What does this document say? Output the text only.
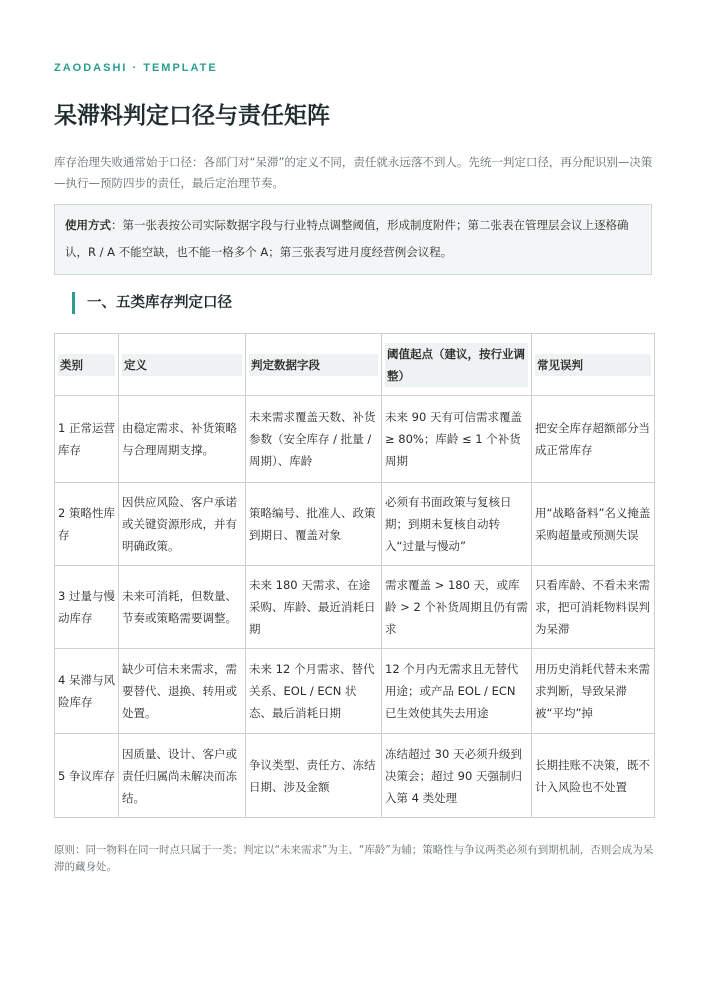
ZAODASHI · TEMPLATE
呆滞料判定口径与责任矩阵
库存治理失败通常始于口径：各部门对“呆滞”的定义不同，责任就永远落不到人。先统一判定口径，再分配识别—决策—执行—预防四步的责任，最后定治理节奏。
使用方式：第一张表按公司实际数据字段与行业特点调整阈值，形成制度附件；第二张表在管理层会议上逐格确认，R / A 不能空缺，也不能一格多个 A；第三张表写进月度经营例会议程。
一、五类库存判定口径
类别	定义	判定数据字段	阈值起点（建议，按行业调整）	常见误判

1 正常运营库存	由稳定需求、补货策略与合理周期支撑。	未来需求覆盖天数、补货参数（安全库存 / 批量 / 周期）、库龄	未来 90 天有可信需求覆盖 ≥ 80%；库龄 ≤ 1 个补货周期	把安全库存超额部分当成正常库存
2 策略性库存	因供应风险、客户承诺或关键资源形成，并有明确政策。	策略编号、批准人、政策到期日、覆盖对象	必须有书面政策与复核日期；到期未复核自动转入“过量与慢动”	用“战略备料”名义掩盖采购超量或预测失误
3 过量与慢动库存	未来可消耗，但数量、节奏或策略需要调整。	未来 180 天需求、在途采购、库龄、最近消耗日期	需求覆盖 > 180 天，或库龄 > 2 个补货周期且仍有需求	只看库龄、不看未来需求，把可消耗物料误判为呆滞
4 呆滞与风险库存	缺少可信未来需求，需要替代、退换、转用或处置。	未来 12 个月需求、替代关系、EOL / ECN 状态、最后消耗日期	12 个月内无需求且无替代用途；或产品 EOL / ECN 已生效使其失去用途	用历史消耗代替未来需求判断，导致呆滞被“平均”掉
5 争议库存	因质量、设计、客户或责任归属尚未解决而冻结。	争议类型、责任方、冻结日期、涉及金额	冻结超过 30 天必须升级到决策会；超过 90 天强制归入第 4 类处理	长期挂账不决策，既不计入风险也不处置
原则：同一物料在同一时点只属于一类；判定以“未来需求”为主、“库龄”为辅；策略性与争议两类必须有到期机制，否则会成为呆滞的藏身处。
